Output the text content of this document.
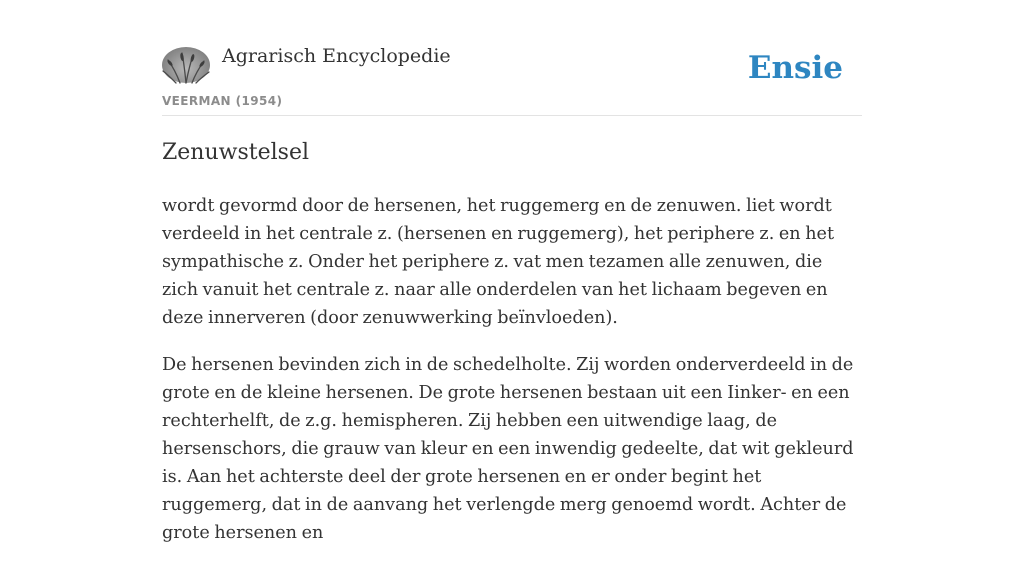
Agrarisch Encyclopedie
VEERMAN (1954)
Ensie
Zenuwstelsel

wordt gevormd door de hersenen, het ruggemerg en de zenuwen. liet wordt verdeeld in het centrale z. (hersenen en ruggemerg), het periphere z. en het sympathische z. Onder het periphere z. vat men tezamen alle zenuwen, die zich vanuit het centrale z. naar alle onderdelen van het lichaam begeven en deze innerveren (door zenuwwerking beïnvloeden).

De hersenen bevinden zich in de schedelholte. Zij worden onderverdeeld in de grote en de kleine hersenen. De grote hersenen bestaan uit een Iinker- en een rechterhelft, de z.g. hemispheren. Zij hebben een uitwendige laag, de hersenschors, die grauw van kleur en een inwendig gedeelte, dat wit gekleurd is. Aan het achterste deel der grote hersenen en er onder begint het ruggemerg, dat in de aanvang het verlengde merg genoemd wordt. Achter de grote hersenen en
